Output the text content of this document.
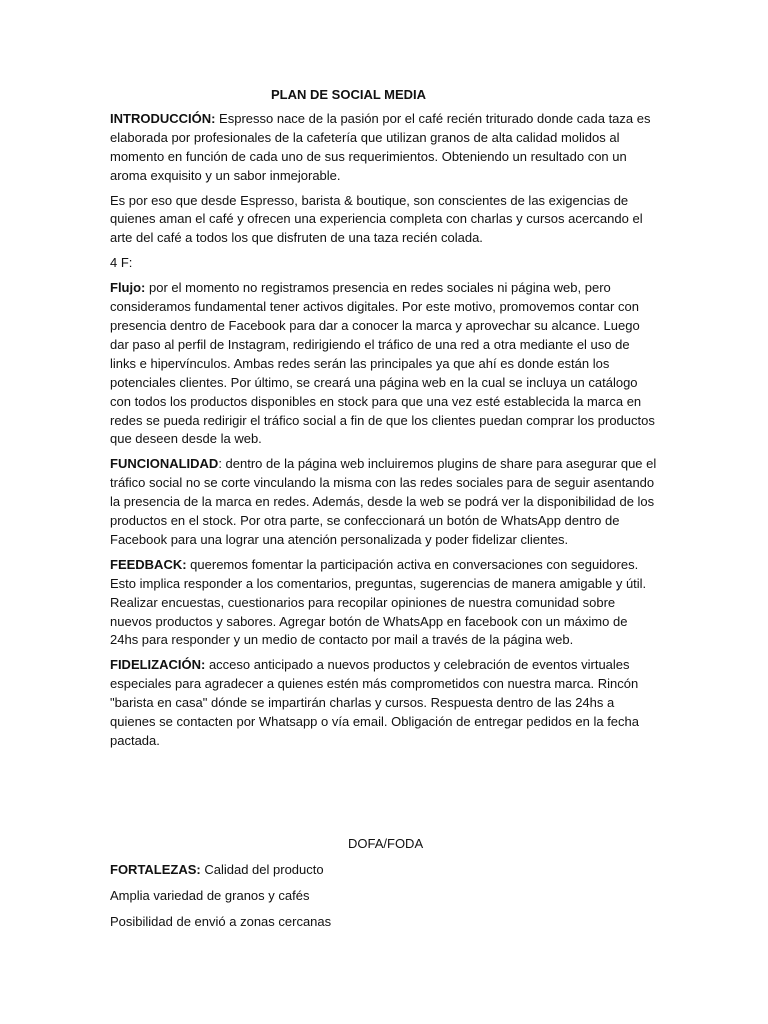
PLAN DE SOCIAL MEDIA

INTRODUCCIÓN: Espresso nace de la pasión por el café recién triturado donde cada taza es elaborada por profesionales de la cafetería que utilizan granos de alta calidad molidos al momento en función de cada uno de sus requerimientos. Obteniendo un resultado con un aroma exquisito y un sabor inmejorable.

Es por eso que desde Espresso, barista & boutique, son conscientes de las exigencias de quienes aman el café y ofrecen una experiencia completa con charlas y cursos acercando el arte del café a todos los que disfruten de una taza recién colada.

4 F:

Flujo: por el momento no registramos presencia en redes sociales ni página web, pero consideramos fundamental tener activos digitales. Por este motivo, promovemos contar con presencia dentro de Facebook para dar a conocer la marca y aprovechar su alcance. Luego dar paso al perfil de Instagram, redirigiendo el tráfico de una red a otra mediante el uso de links e hipervínculos. Ambas redes serán las principales ya que ahí es donde están los potenciales clientes. Por último, se creará una página web en la cual se incluya un catálogo con todos los productos disponibles en stock para que una vez esté establecida la marca en redes se pueda redirigir el tráfico social a fin de que los clientes puedan comprar los productos que deseen desde la web.

FUNCIONALIDAD: dentro de la página web incluiremos plugins de share para asegurar que el tráfico social no se corte vinculando la misma con las redes sociales para de seguir asentando la presencia de la marca en redes. Además, desde la web se podrá ver la disponibilidad de los productos en el stock. Por otra parte, se confeccionará un botón de WhatsApp dentro de Facebook para una lograr una atención personalizada y poder fidelizar clientes.

FEEDBACK: queremos fomentar la participación activa en conversaciones con seguidores. Esto implica responder a los comentarios, preguntas, sugerencias de manera amigable y útil. Realizar encuestas, cuestionarios para recopilar opiniones de nuestra comunidad sobre nuevos productos y sabores. Agregar botón de WhatsApp en facebook con un máximo de 24hs para responder y un medio de contacto por mail a través de la página web.

FIDELIZACIÓN: acceso anticipado a nuevos productos y celebración de eventos virtuales especiales para agradecer a quienes estén más comprometidos con nuestra marca. Rincón "barista en casa" dónde se impartirán charlas y cursos. Respuesta dentro de las 24hs a quienes se contacten por Whatsapp o vía email. Obligación de entregar pedidos en la fecha pactada.

DOFA/FODA

FORTALEZAS: Calidad del producto

Amplia variedad de granos y cafés

Posibilidad de envió a zonas cercanas
